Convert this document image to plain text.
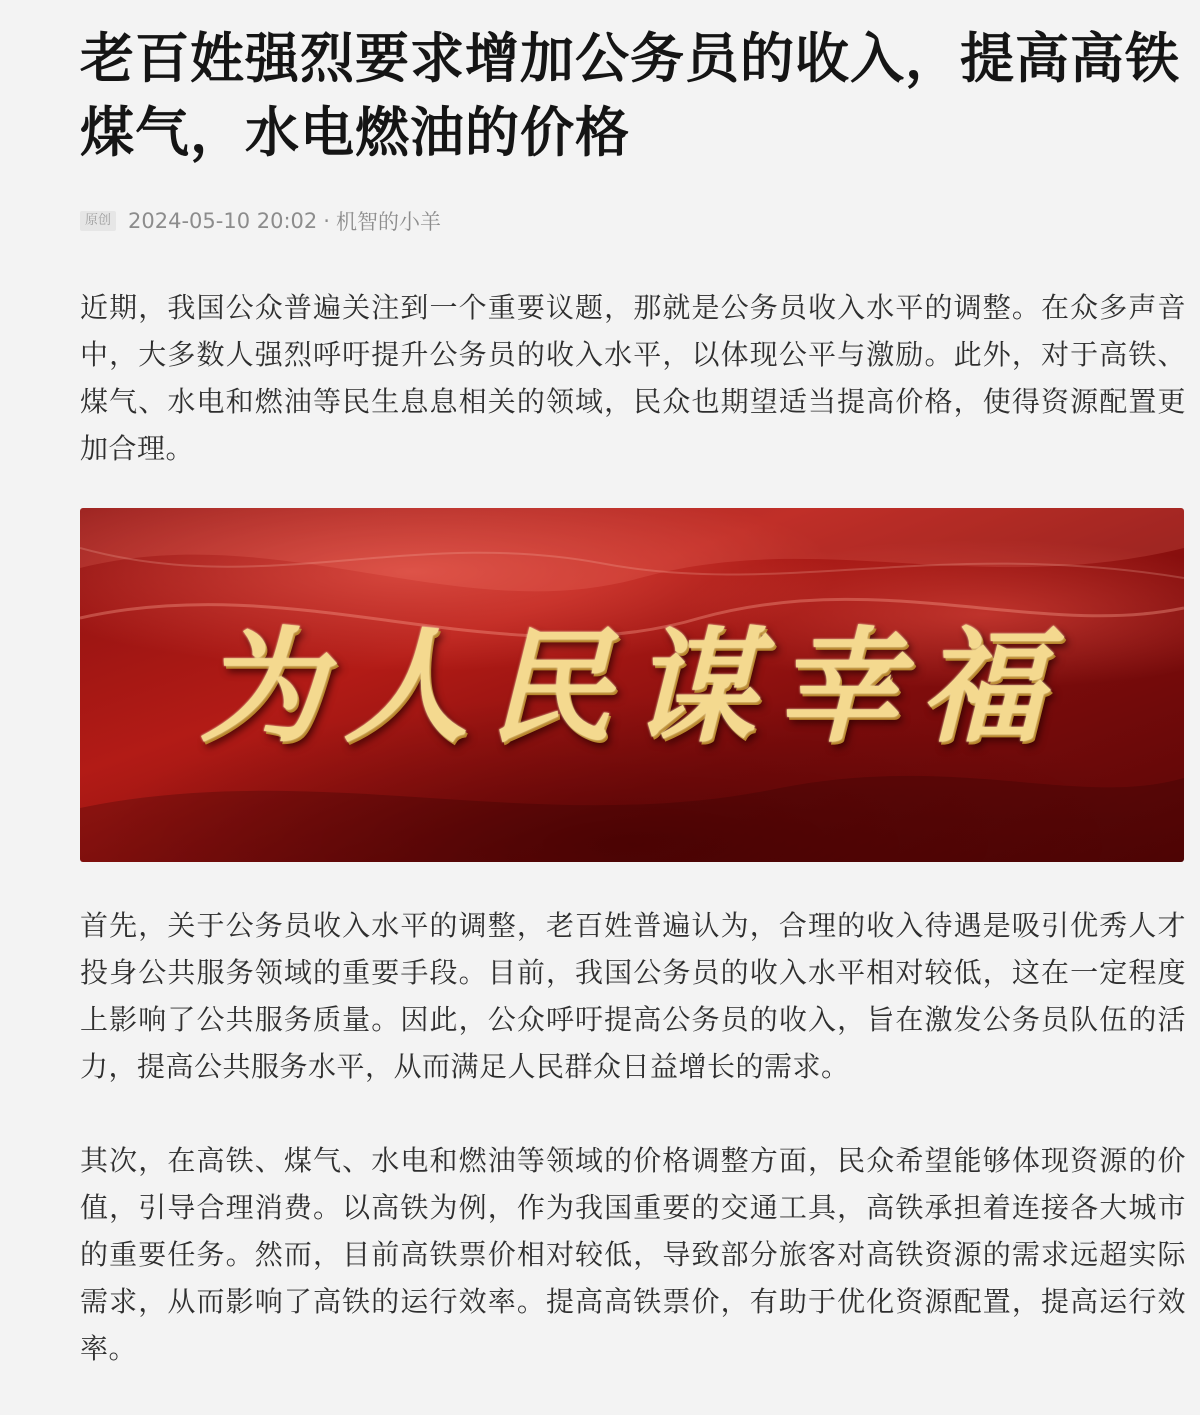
老百姓强烈要求增加公务员的收入，提高高铁煤气，水电燃油的价格
原创 2024-05-10 20:02 · 机智的小羊

近期，我国公众普遍关注到一个重要议题，那就是公务员收入水平的调整。在众多声音中，大多数人强烈呼吁提升公务员的收入水平，以体现公平与激励。此外，对于高铁、煤气、水电和燃油等民生息息相关的领域，民众也期望适当提高价格，使得资源配置更加合理。

为人民谋幸福

首先，关于公务员收入水平的调整，老百姓普遍认为，合理的收入待遇是吸引优秀人才投身公共服务领域的重要手段。目前，我国公务员的收入水平相对较低，这在一定程度上影响了公共服务质量。因此，公众呼吁提高公务员的收入，旨在激发公务员队伍的活力，提高公共服务水平，从而满足人民群众日益增长的需求。

其次，在高铁、煤气、水电和燃油等领域的价格调整方面，民众希望能够体现资源的价值，引导合理消费。以高铁为例，作为我国重要的交通工具，高铁承担着连接各大城市的重要任务。然而，目前高铁票价相对较低，导致部分旅客对高铁资源的需求远超实际需求，从而影响了高铁的运行效率。提高高铁票价，有助于优化资源配置，提高运行效率。
